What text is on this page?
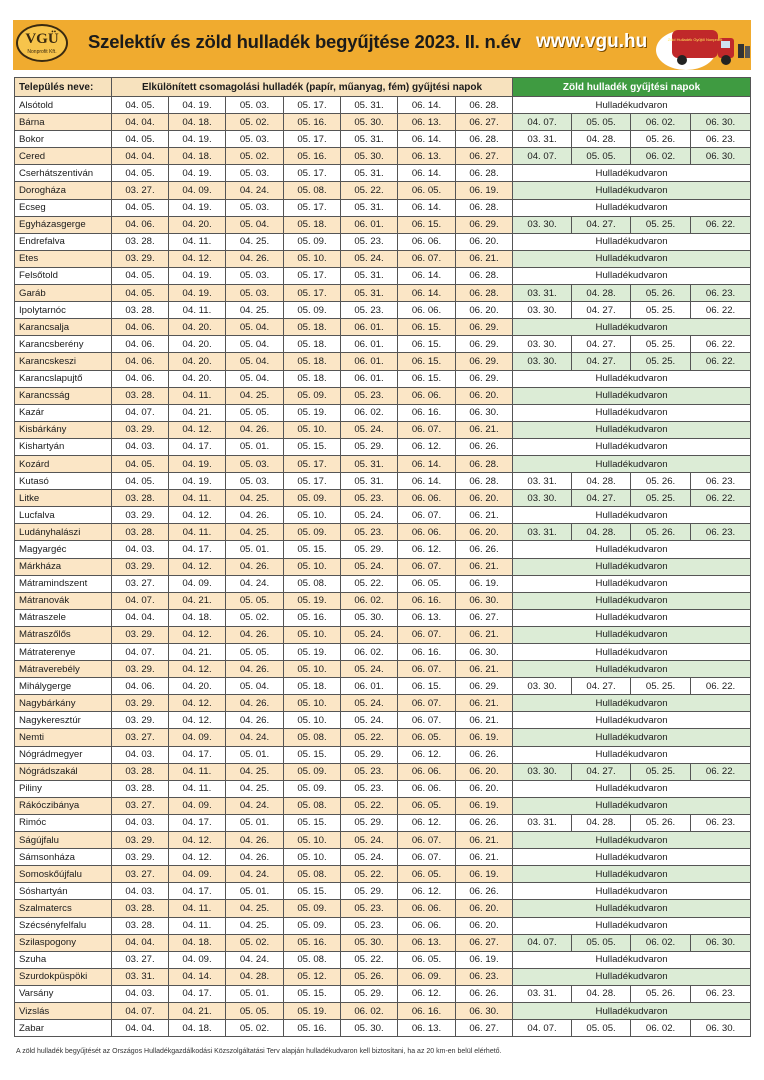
VGÜ
Nonprofit Kft.	Szelektív és zöld hulladék begyűjtése 2023. II. n.év www.vgu.hu	Zöld Hulladék Gyűjtő Nonprofit
Település neve:	Elkülönített csomagolási hulladék (papír, műanyag, fém) gyűjtési napok							Zöld hulladék gyűjtési napok			
Alsótold	04. 05.	04. 19.	05. 03.	05. 17.	05. 31.	06. 14.	06. 28.	Hulladékudvaron			
Bárna	04. 04.	04. 18.	05. 02.	05. 16.	05. 30.	06. 13.	06. 27.	04. 07.	05. 05.	06. 02.	06. 30.
Bokor	04. 05.	04. 19.	05. 03.	05. 17.	05. 31.	06. 14.	06. 28.	03. 31.	04. 28.	05. 26.	06. 23.
Cered	04. 04.	04. 18.	05. 02.	05. 16.	05. 30.	06. 13.	06. 27.	04. 07.	05. 05.	06. 02.	06. 30.
Cserhátszentiván	04. 05.	04. 19.	05. 03.	05. 17.	05. 31.	06. 14.	06. 28.	Hulladékudvaron			
Dorogháza	03. 27.	04. 09.	04. 24.	05. 08.	05. 22.	06. 05.	06. 19.	Hulladékudvaron			
Ecseg	04. 05.	04. 19.	05. 03.	05. 17.	05. 31.	06. 14.	06. 28.	Hulladékudvaron			
Egyházasgerge	04. 06.	04. 20.	05. 04.	05. 18.	06. 01.	06. 15.	06. 29.	03. 30.	04. 27.	05. 25.	06. 22.
Endrefalva	03. 28.	04. 11.	04. 25.	05. 09.	05. 23.	06. 06.	06. 20.	Hulladékudvaron			
Etes	03. 29.	04. 12.	04. 26.	05. 10.	05. 24.	06. 07.	06. 21.	Hulladékudvaron			
Felsőtold	04. 05.	04. 19.	05. 03.	05. 17.	05. 31.	06. 14.	06. 28.	Hulladékudvaron			
Garáb	04. 05.	04. 19.	05. 03.	05. 17.	05. 31.	06. 14.	06. 28.	03. 31.	04. 28.	05. 26.	06. 23.
Ipolytarnóc	03. 28.	04. 11.	04. 25.	05. 09.	05. 23.	06. 06.	06. 20.	03. 30.	04. 27.	05. 25.	06. 22.
Karancsalja	04. 06.	04. 20.	05. 04.	05. 18.	06. 01.	06. 15.	06. 29.	Hulladékudvaron			
Karancsberény	04. 06.	04. 20.	05. 04.	05. 18.	06. 01.	06. 15.	06. 29.	03. 30.	04. 27.	05. 25.	06. 22.
Karancskeszi	04. 06.	04. 20.	05. 04.	05. 18.	06. 01.	06. 15.	06. 29.	03. 30.	04. 27.	05. 25.	06. 22.
Karancslapujtő	04. 06.	04. 20.	05. 04.	05. 18.	06. 01.	06. 15.	06. 29.	Hulladékudvaron			
Karancsság	03. 28.	04. 11.	04. 25.	05. 09.	05. 23.	06. 06.	06. 20.	Hulladékudvaron			
Kazár	04. 07.	04. 21.	05. 05.	05. 19.	06. 02.	06. 16.	06. 30.	Hulladékudvaron			
Kisbárkány	03. 29.	04. 12.	04. 26.	05. 10.	05. 24.	06. 07.	06. 21.	Hulladékudvaron			
Kishartyán	04. 03.	04. 17.	05. 01.	05. 15.	05. 29.	06. 12.	06. 26.	Hulladékudvaron			
Kozárd	04. 05.	04. 19.	05. 03.	05. 17.	05. 31.	06. 14.	06. 28.	Hulladékudvaron			
Kutasó	04. 05.	04. 19.	05. 03.	05. 17.	05. 31.	06. 14.	06. 28.	03. 31.	04. 28.	05. 26.	06. 23.
Litke	03. 28.	04. 11.	04. 25.	05. 09.	05. 23.	06. 06.	06. 20.	03. 30.	04. 27.	05. 25.	06. 22.
Lucfalva	03. 29.	04. 12.	04. 26.	05. 10.	05. 24.	06. 07.	06. 21.	Hulladékudvaron			
Ludányhalászi	03. 28.	04. 11.	04. 25.	05. 09.	05. 23.	06. 06.	06. 20.	03. 31.	04. 28.	05. 26.	06. 23.
Magyargéc	04. 03.	04. 17.	05. 01.	05. 15.	05. 29.	06. 12.	06. 26.	Hulladékudvaron			
Márkháza	03. 29.	04. 12.	04. 26.	05. 10.	05. 24.	06. 07.	06. 21.	Hulladékudvaron			
Mátramindszent	03. 27.	04. 09.	04. 24.	05. 08.	05. 22.	06. 05.	06. 19.	Hulladékudvaron			
Mátranovák	04. 07.	04. 21.	05. 05.	05. 19.	06. 02.	06. 16.	06. 30.	Hulladékudvaron			
Mátraszele	04. 04.	04. 18.	05. 02.	05. 16.	05. 30.	06. 13.	06. 27.	Hulladékudvaron			
Mátraszőlős	03. 29.	04. 12.	04. 26.	05. 10.	05. 24.	06. 07.	06. 21.	Hulladékudvaron			
Mátraterenye	04. 07.	04. 21.	05. 05.	05. 19.	06. 02.	06. 16.	06. 30.	Hulladékudvaron			
Mátraverebély	03. 29.	04. 12.	04. 26.	05. 10.	05. 24.	06. 07.	06. 21.	Hulladékudvaron			
Mihálygerge	04. 06.	04. 20.	05. 04.	05. 18.	06. 01.	06. 15.	06. 29.	03. 30.	04. 27.	05. 25.	06. 22.
Nagybárkány	03. 29.	04. 12.	04. 26.	05. 10.	05. 24.	06. 07.	06. 21.	Hulladékudvaron			
Nagykeresztúr	03. 29.	04. 12.	04. 26.	05. 10.	05. 24.	06. 07.	06. 21.	Hulladékudvaron			
Nemti	03. 27.	04. 09.	04. 24.	05. 08.	05. 22.	06. 05.	06. 19.	Hulladékudvaron			
Nógrádmegyer	04. 03.	04. 17.	05. 01.	05. 15.	05. 29.	06. 12.	06. 26.	Hulladékudvaron			
Nógrádszakál	03. 28.	04. 11.	04. 25.	05. 09.	05. 23.	06. 06.	06. 20.	03. 30.	04. 27.	05. 25.	06. 22.
Piliny	03. 28.	04. 11.	04. 25.	05. 09.	05. 23.	06. 06.	06. 20.	Hulladékudvaron			
Rákóczibánya	03. 27.	04. 09.	04. 24.	05. 08.	05. 22.	06. 05.	06. 19.	Hulladékudvaron			
Rimóc	04. 03.	04. 17.	05. 01.	05. 15.	05. 29.	06. 12.	06. 26.	03. 31.	04. 28.	05. 26.	06. 23.
Ságújfalu	03. 29.	04. 12.	04. 26.	05. 10.	05. 24.	06. 07.	06. 21.	Hulladékudvaron			
Sámsonháza	03. 29.	04. 12.	04. 26.	05. 10.	05. 24.	06. 07.	06. 21.	Hulladékudvaron			
Somoskőújfalu	03. 27.	04. 09.	04. 24.	05. 08.	05. 22.	06. 05.	06. 19.	Hulladékudvaron			
Sóshartyán	04. 03.	04. 17.	05. 01.	05. 15.	05. 29.	06. 12.	06. 26.	Hulladékudvaron			
Szalmatercs	03. 28.	04. 11.	04. 25.	05. 09.	05. 23.	06. 06.	06. 20.	Hulladékudvaron			
Szécsényfelfalu	03. 28.	04. 11.	04. 25.	05. 09.	05. 23.	06. 06.	06. 20.	Hulladékudvaron			
Szilaspogony	04. 04.	04. 18.	05. 02.	05. 16.	05. 30.	06. 13.	06. 27.	04. 07.	05. 05.	06. 02.	06. 30.
Szuha	03. 27.	04. 09.	04. 24.	05. 08.	05. 22.	06. 05.	06. 19.	Hulladékudvaron			
Szurdokpüspöki	03. 31.	04. 14.	04. 28.	05. 12.	05. 26.	06. 09.	06. 23.	Hulladékudvaron			
Varsány	04. 03.	04. 17.	05. 01.	05. 15.	05. 29.	06. 12.	06. 26.	03. 31.	04. 28.	05. 26.	06. 23.
Vizslás	04. 07.	04. 21.	05. 05.	05. 19.	06. 02.	06. 16.	06. 30.	Hulladékudvaron			
Zabar	04. 04.	04. 18.	05. 02.	05. 16.	05. 30.	06. 13.	06. 27.	04. 07.	05. 05.	06. 02.	06. 30.
A zöld hulladék begyűjtését az Országos Hulladékgazdálkodási Közszolgáltatási Terv alapján hulladékudvaron kell biztosítani, ha az 20 km-en belül elérhető.
